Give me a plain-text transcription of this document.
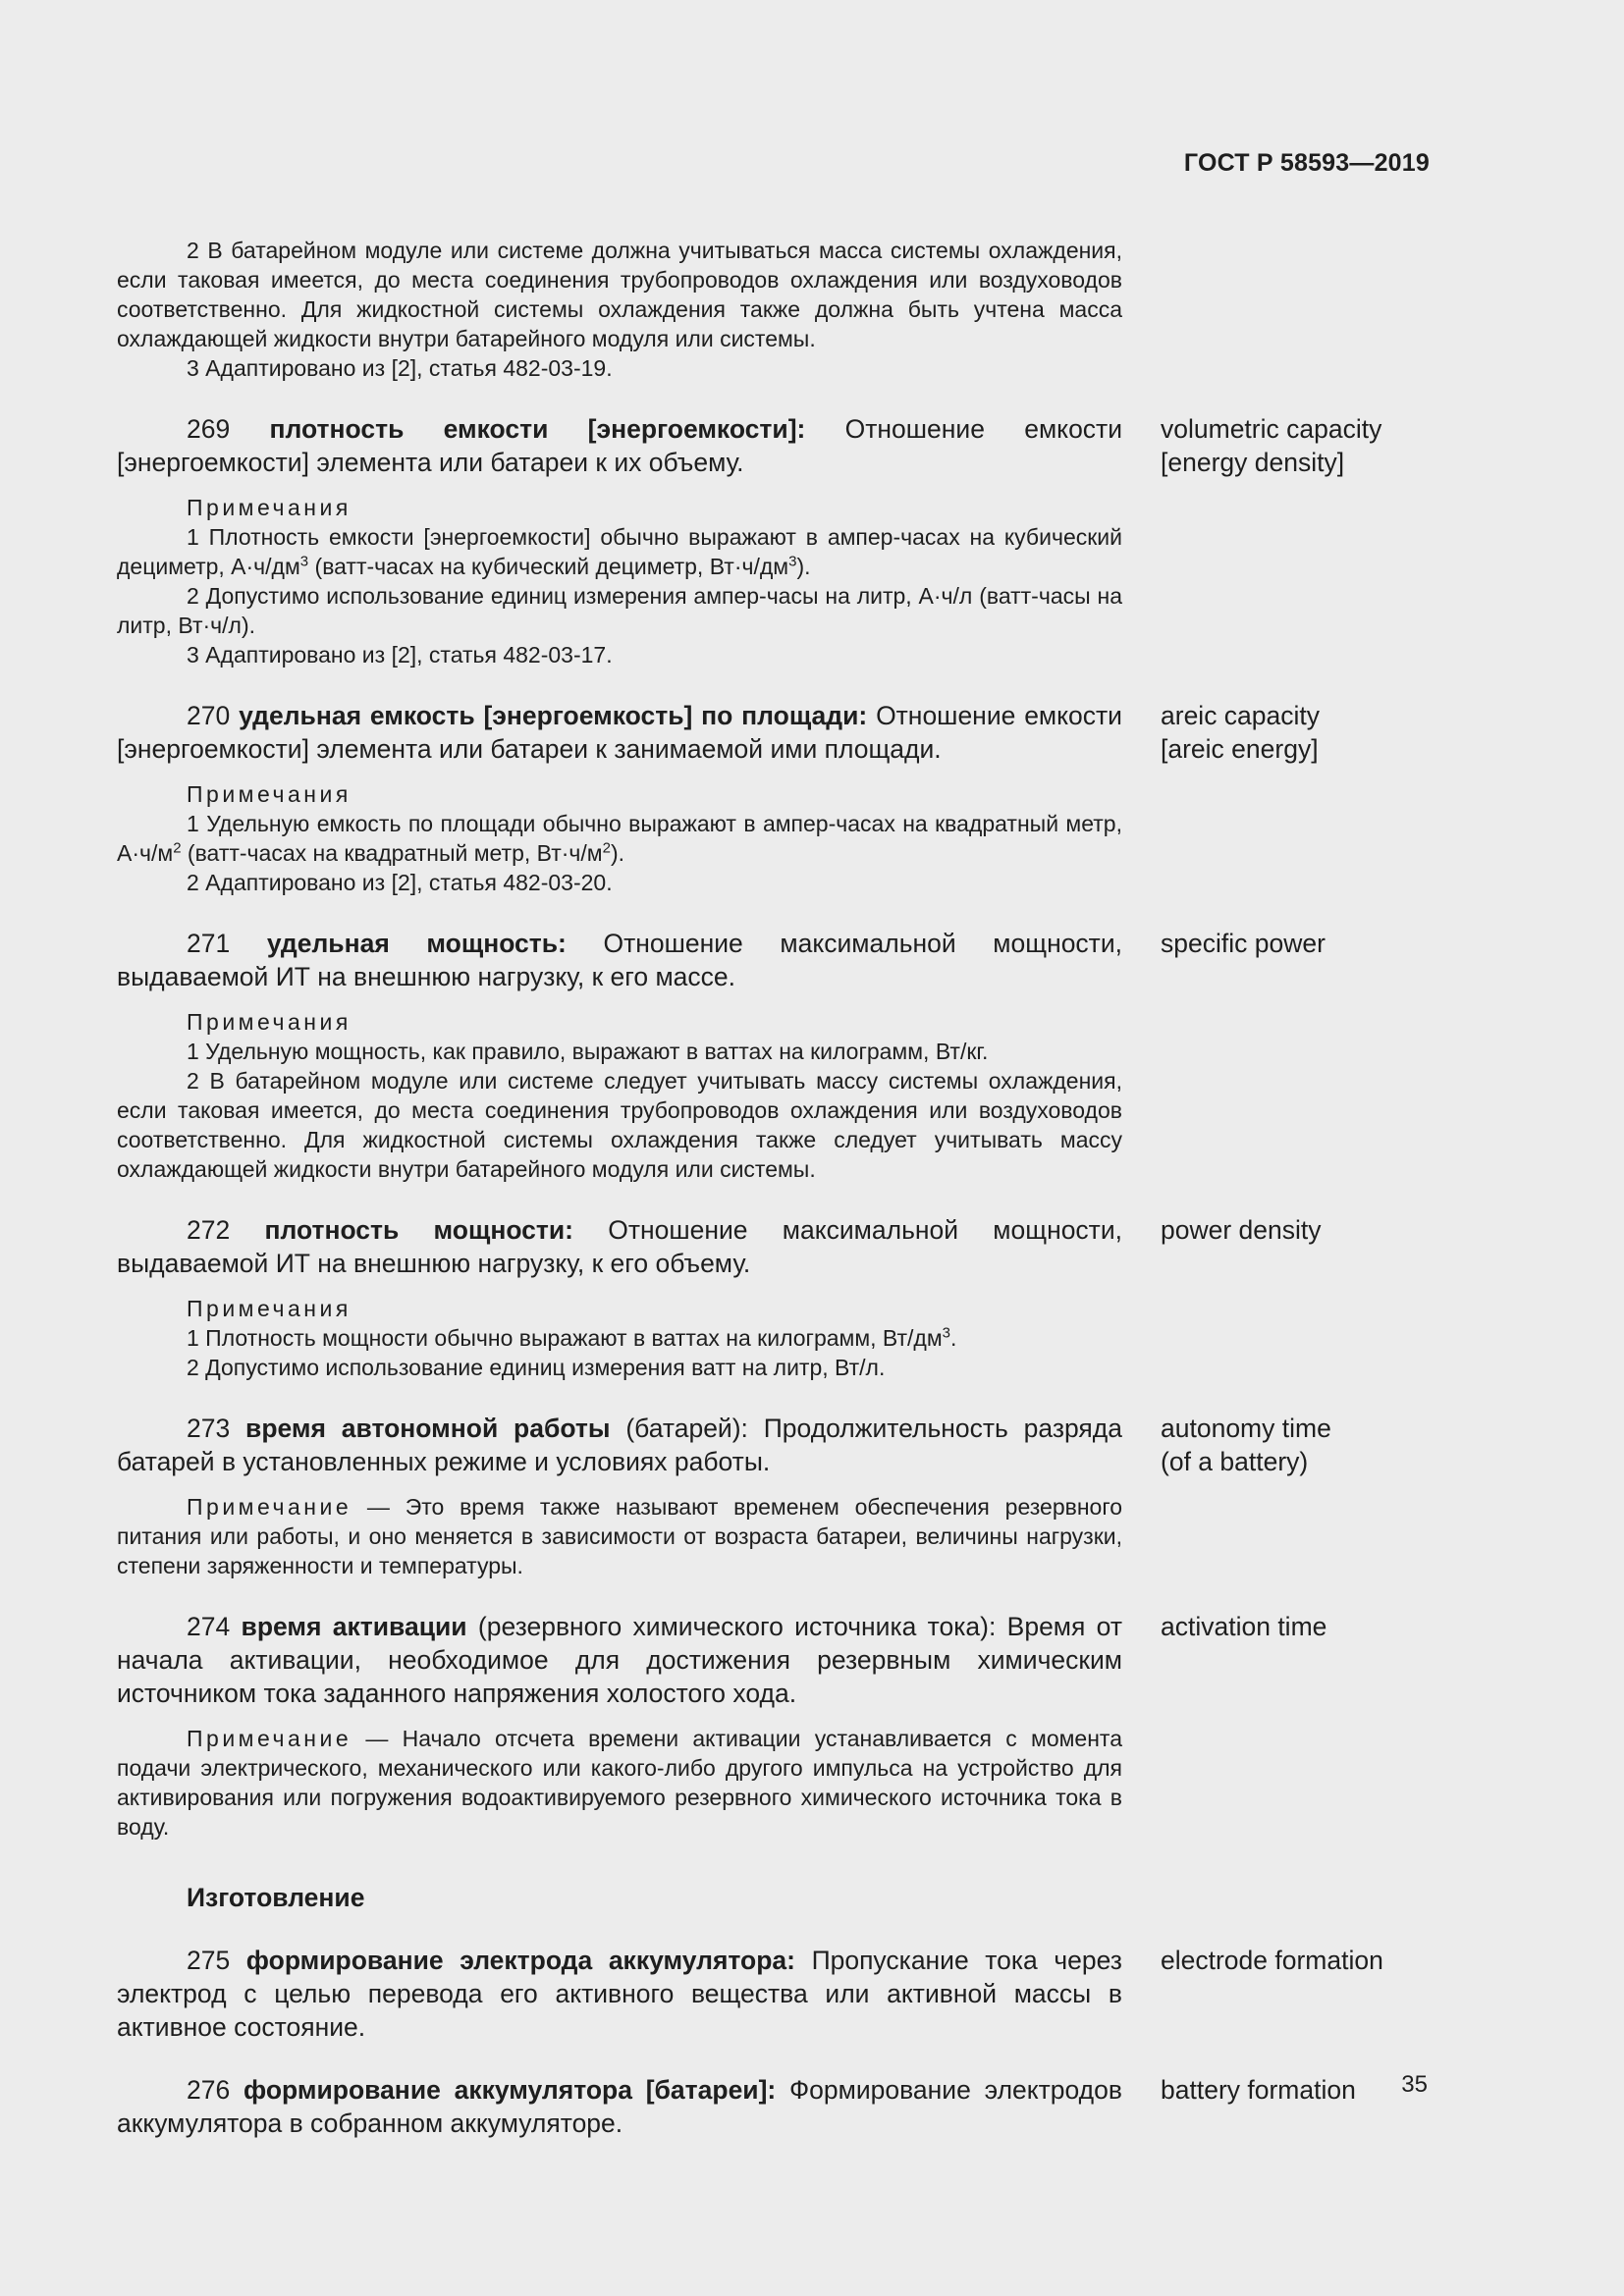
ГОСТ Р 58593—2019

2 В батарейном модуле или системе должна учитываться масса системы охлаждения, если таковая имеется, до места соединения трубопроводов охлаждения или воздуховодов соответственно. Для жидкостной системы охлаждения также должна быть учтена масса охлаждающей жидкости внутри батарейного модуля или системы.

3 Адаптировано из [2], статья 482-03-19.

269 плотность емкости [энергоемкости]: Отношение емкости [энергоемкости] элемента или батареи к их объему.
volumetric capacity
[energy density]

Примечания

1 Плотность емкости [энергоемкости] обычно выражают в ампер-часах на кубический дециметр, $А\cdot ч/дм^3$ (ватт-часах на кубический дециметр, $Вт\cdot ч/дм^3$).

2 Допустимо использование единиц измерения ампер-часы на литр, А·ч/л (ватт-часы на литр, Вт·ч/л).

3 Адаптировано из [2], статья 482-03-17.

270 удельная емкость [энергоемкость] по площади: Отношение емкости [энергоемкости] элемента или батареи к занимаемой ими площади.
areic capacity
[areic energy]

Примечания

1 Удельную емкость по площади обычно выражают в ампер-часах на квадратный метр, $А\cdot ч/м^2$ (ватт-часах на квадратный метр, $Вт\cdot ч/м^2$).

2 Адаптировано из [2], статья 482-03-20.

271 удельная мощность: Отношение максимальной мощности, выдаваемой ИТ на внешнюю нагрузку, к его массе.
specific power

Примечания

1 Удельную мощность, как правило, выражают в ваттах на килограмм, Вт/кг.

2 В батарейном модуле или системе следует учитывать массу системы охлаждения, если таковая имеется, до места соединения трубопроводов охлаждения или воздуховодов соответственно. Для жидкостной системы охлаждения также следует учитывать массу охлаждающей жидкости внутри батарейного модуля или системы.

272 плотность мощности: Отношение максимальной мощности, выдаваемой ИТ на внешнюю нагрузку, к его объему.
power density

Примечания

1 Плотность мощности обычно выражают в ваттах на килограмм, $Вт/дм^3$.

2 Допустимо использование единиц измерения ватт на литр, Вт/л.

273 время автономной работы (батарей): Продолжительность разряда батарей в установленных режиме и условиях работы.
autonomy time
(of a battery)

Примечание — Это время также называют временем обеспечения резервного питания или работы, и оно меняется в зависимости от возраста батареи, величины нагрузки, степени заряженности и температуры.

274 время активации (резервного химического источника тока): Время от начала активации, необходимое для достижения резервным химическим источником тока заданного напряжения холостого хода.
activation time

Примечание — Начало отсчета времени активации устанавливается с момента подачи электрического, механического или какого-либо другого импульса на устройство для активирования или погружения водоактивируемого резервного химического источника тока в воду.

Изготовление
275 формирование электрода аккумулятора: Пропускание тока через электрод с целью перевода его активного вещества или активной массы в активное состояние.
electrode formation
276 формирование аккумулятора [батареи]: Формирование электродов аккумулятора в собранном аккумуляторе.
battery formation	35
